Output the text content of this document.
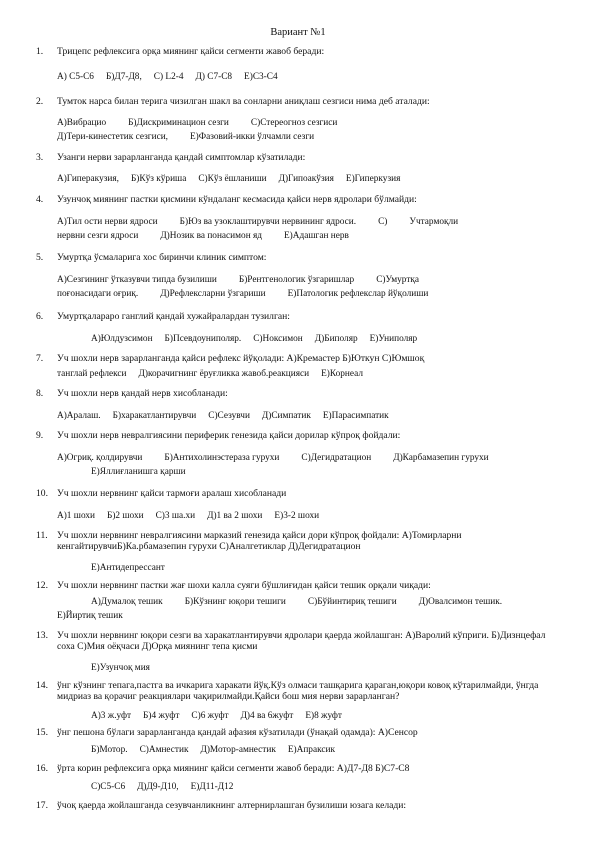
Вариант №1
1.	Трицепс рефлексига орқа миянинг қайси сегменти жавоб беради:
А) С5-С6 Б)Д7-Д8, С) L2-4 Д) С7-С8 Е)С3-С4
2.	Тумток нарса билан терига чизилган шакл ва сонларни аниқлаш сезгиси нима деб аталади:
А)Вибрацио Б)Дискриминацион сезги С)Стереогноз сезгиси
Д)Тери-кинестетик сезгиси, Е)Фазовий-икки ўлчамли сезги
3.	Узанги нерви зарарланганда қандай симптомлар кўзатилади:
А)Гиперакузия, Б)Кўз кўриша С)Кўз ёшланиши Д)Гипоакўзия Е)Гиперкузия
4.	Узунчоқ миянинг пастки қисмини кўндаланг кесмасида қайси нерв ядролари бўлмайди:
А)Тил ости нерви ядроси Б)Юз ва узоклаштирувчи нервининг ядроси. С) Учтармоқли
нервни сезги ядроси Д)Нозик ва понасимон яд Е)Адашган нерв
5.	Умуртқа ўсмаларига хос биринчи клиник симптом:
А)Сезгининг ўтказувчи типда бузилиши Б)Рентгенологик ўзгаришлар С)Умуртқа
поғонасидаги оғриқ. Д)Рефлексларни ўзгариши Е)Патологик рефлекслар йўқолиши
6.	Умуртқалараро ганглий қандай хужайралардан тузилган:
А)Юлдузсимон Б)Псевдоуниполяр. С)Ноксимон Д)Биполяр Е)Униполяр
7.	Уч шохли нерв зарарланганда қайси рефлекс йўқолади: А)Кремастер Б)Юткун С)Юмшоқ
танглай рефлекси Д)корачигнинг ёруғликка жавоб.реакцияси Е)Корнеал
8.	Уч шохли нерв қандай нерв хисобланади:
А)Аралаш. Б)харакатлантирувчи С)Сезувчи Д)Симпатик Е)Парасимпатик
9.	Уч шохли нерв невралгиясини периферик генезида қайси дорилар кўпроқ фойдали:
А)Огриқ. қолдирувчи Б)Антихолинэстераза гурухи С)Дегидратацион Д)Карбамазепин гурухи
Е)Яллиғланишга қарши
10. Уч шохли нервнинг қайси тармоғи аралаш хисобланади
А)1 шохи Б)2 шохи С)3 ша.хи Д)1 ва 2 шохи Е)3-2 шохи
11. Уч шохли нервнинг невралгиясини марказий генезида қайси дори кўпроқ фойдали: А)Томирларни кенгайтирувчиБ)Ка.рбамазепин гурухи С)Аналгетиклар Д)Дегидратацион
Е)Антидепрессант
12. Уч шохли нервнинг пастки жағ шохи калла суяги бўшлиғидан қайси тешик орқали чиқади:
А)Думалоқ тешик Б)Кўзнинг юқори тешиги С)Бўйинтириқ тешиги Д)Овалсимон тешик.
Е)Йиртиқ тешик
13. Уч шохли нервнинг юқори сезги ва харакатлантирувчи ядролари қаерда жойлашган: А)Варолий кўприги. Б)Дизнцефал соха С)Мия оёқчаси Д)Орқа миянинг тепа қисми
Е)Узунчоқ мия
14. ўнг кўзнинг тепага,пастга ва ичкарига харакати йўқ.Кўз олмаси ташқарига қараган,юқори ковоқ кўтарилмайди, ўнгда мидриаз ва қорачиг реакциялари чақирилмайди.Қайси бош мия нерви зарарланган?
А)3 ж.уфт Б)4 жуфт С)6 жуфт Д)4 ва 6жуфт Е)8 жуфт
15. ўнг пешона бўлаги зарарланганда қандай афазия кўзатилади (ўнақай одамда): А)Сенсор
Б)Мотор. С)Амнестик Д)Мотор-амнестик Е)Апраксик
16. ўрта корин рефлексига орқа миянинг қайси сегменти жавоб беради: А)Д7-Д8 Б)С7-С8
С)С5-С6 Д)Д9-Д10, Е)Д11-Д12
17. ўчоқ қаерда жойлашганда сезувчанликнинг алтернирлашган бузилиши юзага келади:
